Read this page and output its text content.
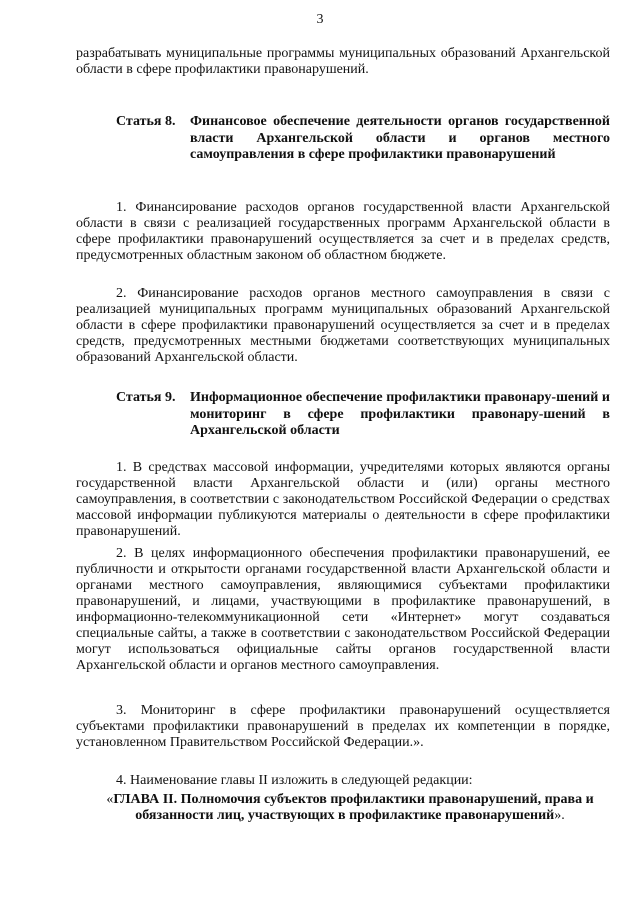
3
разрабатывать муниципальные программы муниципальных образований Архангельской области в сфере профилактики правонарушений.
Статья 8.	Финансовое обеспечение деятельности органов государственной власти Архангельской области и органов местного самоуправления в сфере профилактики правонарушений
1. Финансирование расходов органов государственной власти Архангельской области в связи с реализацией государственных программ Архангельской области в сфере профилактики правонарушений осуществляется за счет и в пределах средств, предусмотренных областным законом об областном бюджете.
2. Финансирование расходов органов местного самоуправления в связи с реализацией муниципальных программ муниципальных образований Архангельской области в сфере профилактики правонарушений осуществляется за счет и в пределах средств, предусмотренных местными бюджетами соответствующих муниципальных образований Архангельской области.
Статья 9.	Информационное обеспечение профилактики правонару-шений и мониторинг в сфере профилактики правонару-шений в Архангельской области
1. В средствах массовой информации, учредителями которых являются органы государственной власти Архангельской области и (или) органы местного самоуправления, в соответствии с законодательством Российской Федерации о средствах массовой информации публикуются материалы о деятельности в сфере профилактики правонарушений.
2. В целях информационного обеспечения профилактики правонарушений, ее публичности и открытости органами государственной власти Архангельской области и органами местного самоуправления, являющимися субъектами профилактики правонарушений, и лицами, участвующими в профилактике правонарушений, в информационно-телекоммуникационной сети «Интернет» могут создаваться специальные сайты, а также в соответствии с законодательством Российской Федерации могут использоваться официальные сайты органов государственной власти Архангельской области и органов местного самоуправления.
3. Мониторинг в сфере профилактики правонарушений осуществляется субъектами профилактики правонарушений в пределах их компетенции в порядке, установленном Правительством Российской Федерации.».
4. Наименование главы II изложить в следующей редакции:
«ГЛАВА II. Полномочия субъектов профилактики правонарушений, права и обязанности лиц, участвующих в профилактике правонарушений».
